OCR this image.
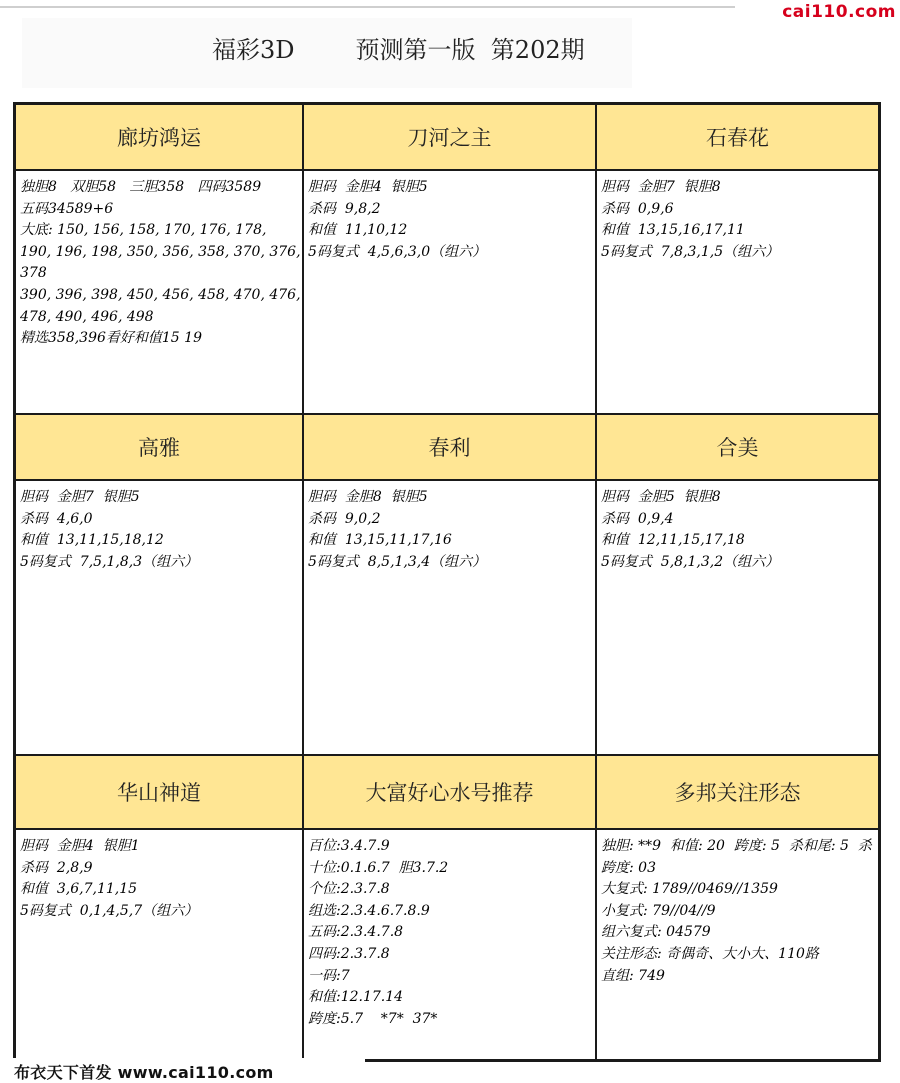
cai110.com
福彩3D        预测第一版  第202期
廊坊鸿运
独胆8   双胆58   三胆358   四码3589
五码34589+6
大底: 150, 156, 158, 170, 176, 178, 190, 196, 198, 350, 356, 358, 370, 376, 378
390, 396, 398, 450, 456, 458, 470, 476, 478, 490, 496, 498
精选358,396看好和值15 19
刀河之主
胆码  金胆4  银胆5
杀码  9,8,2
和值  11,10,12
5码复式  4,5,6,3,0（组六）
石春花
胆码  金胆7  银胆8
杀码  0,9,6
和值  13,15,16,17,11
5码复式  7,8,3,1,5（组六）
高雅
胆码  金胆7  银胆5
杀码  4,6,0
和值  13,11,15,18,12
5码复式  7,5,1,8,3（组六）
春利
胆码  金胆8  银胆5
杀码  9,0,2
和值  13,15,11,17,16
5码复式  8,5,1,3,4（组六）
合美
胆码  金胆5  银胆8
杀码  0,9,4
和值  12,11,15,17,18
5码复式  5,8,1,3,2（组六）
华山神道
胆码  金胆4  银胆1
杀码  2,8,9
和值  3,6,7,11,15
5码复式  0,1,4,5,7（组六）
大富好心水号推荐
百位:3.4.7.9
十位:0.1.6.7  胆3.7.2
个位:2.3.7.8
组选:2.3.4.6.7.8.9
五码:2.3.4.7.8
四码:2.3.7.8
一码:7
和值:12.17.14
跨度:5.7    *7*  37*
多邦关注形态
独胆: **9  和值: 20  跨度: 5  杀和尾: 5  杀跨度: 03
大复式: 1789//0469//1359
小复式: 79//04//9
组六复式: 04579
关注形态: 奇偶奇、大小大、110路
直组: 749
布衣天下首发 www.cai110.com
